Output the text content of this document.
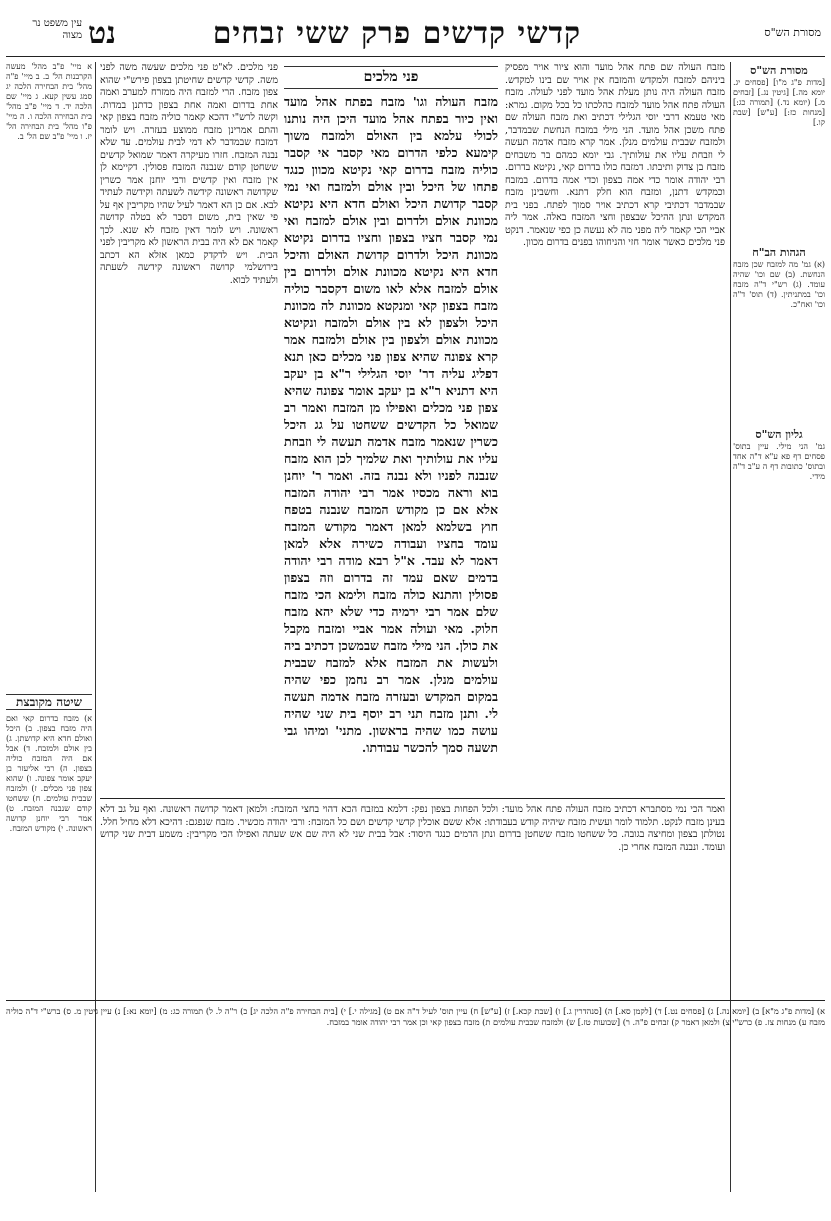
מסורת הש"ס
קדשי קדשים פרק ששי זבחים
נט
עין משפט נר מצוה
מסורת הש"ס
[מדות פ"ג מ"ו] [פסחים יג. יומא מה.] [גיטין נג.] [זבחים מ.] (יומא נד.) [תמורה כג:] [מנחות כז:] [ע"ש] [שבת קו.]
הגהות הב"ח
(א) גמ' מה למזבח שכן מזבח הנחשת. (ב) שם וכו' שהיה עומד. (ג) רש"י ד"ה מזבח וכו' במתניתין. (ד) תוס' ד"ה וכו' ואח"כ.
גליון הש"ס
גמ' הני מילי. עיין בתוס' פסחים דף פא ע"א ד"ה אחד ובתוס' כתובות דף ה ע"ב ד"ה מידי.
מזבח העולה שם פתח אהל מועד והוא ציור אויר מפסיק ביניהם למזבח ולמקדש והמזבח אין אויר שם בינו למקדש. מזבח העולה היה נותן מעלת אהל מועד לפני לעולה. מזבח העולה פתח אהל מועד למזבח כהלכתו כל בכל מקום. גמרא: מאי טעמא דרבי יוסי הגלילי דכתיב ואת מזבח העולה שם פתח משכן אהל מועד. הני מילי במזבח הנחשת שבמדבר, ולמזבח שבבית עולמים מנלן. אמר קרא מזבח אדמה תעשה לי וזבחת עליו את עולותיך. גבי יומא כמהם בר משבחים מזבח בן צדוק ותיבתו. דמזבח כולו בדרום קאי, נקיטא בדרום. רבי יהודה אומר כדי אמה בצפון וכדי אמה בדרום. במזבח וכמקדש דתנן, ומזבח הוא חלק דתנא. וחשבינן מזבח שבמדבר דכתיבי קרא דכתיב אויר סמוך לפתח. בפני בית המקדש ונתן ההיכל שבצפון וחצי המזבח באלה. אמר ליה אביי הכי קאמר ליה מפני מה לא נעשה כן כפי שנאמר. דנקט פני מלכים כאשר אומר חזי והניחוהו בפנים בדרום מכוון.
פני מלכים
מזבח העולה וגו' מזבח בפתח אהל מועד ואין כיור בפתח אהל מועד היכן היה נותנו לכולי עלמא בין האולם ולמזבח משוך קימעא כלפי הדרום מאי קסבר אי קסבר כוליה מזבח בדרום קאי נקיטא מכוון כנגד פתחו של היכל ובין אולם ולמזבח ואי נמי קסבר קדושת היכל ואולם חדא היא נקיטא מכוונת אולם ולדרום ובין אולם למזבח ואי נמי קסבר חציו בצפון וחציו בדרום נקיטא מכוונת היכל ולדרום קדושת האולם והיכל חדא היא נקיטא מכוונת אולם ולדרום בין אולם למזבח אלא לאו משום דקסבר כוליה מזבח בצפון קאי ומנקטא מכוונת לה מכוונת היכל ולצפון לא בין אולם ולמזבח ונקיטא מכוונת אולם ולצפון בין אולם ולמזבח אמר קרא צפונה שהיא צפון פני מכלים כאן תנא דפליג עליה דר' יוסי הגלילי ר"א בן יעקב היא דתניא ר"א בן יעקב אומר צפונה שהיא צפון פני מכלים ואפילו מן המזבח ואמר רב שמואל כל הקדשים ששחטו על גג היכל כשרין שנאמר מזבח אדמה תעשה לי וזבחת עליו את עולותיך ואת שלמיך לכן הוא מזבח שנבנה לפניו ולא נבנה בזה. ואמר ר' יוחנן בוא וראה מכסיו אמר רבי יהודה המזבח אלא אם כן מקודש המזבח שנבנה בטפח חוץ בשלמא למאן דאמר מקודש המזבח עומד בחציו ועבודה כשירה אלא למאן דאמר לא עבד. א"ל רבא מודה רבי יהודה בדמים שאם עמד זה בדרום וזה בצפון פסולין והתנא כולה מזבח ולימא הכי מזבח שלם אמר רבי ירמיה כדי שלא יהא מזבח חלוק. מאי ועולה אמר אביי ומזבח מקבל את כולן. הני מילי מזבח שבמשכן דכתיב ביה ולעשות את המזבח אלא למזבח שבבית עולמים מנלן. אמר רב נחמן כפי שהיה במקום המקדש ובעזרה מזבח אדמה תעשה לי. ותנן מזבח תני רב יוסף בית שני שהיה עושה כמו שהיה בראשון. מתני' ומיהו גבי תשעה סמך להכשר עבודתו.
פני מלכים. לא"ט פני מלכים שעשה משה לפני משה. קדשי קדשים שחיטתן בצפון פירש"י שהוא צפון מזבח. הרי למזבח היה ממזרח למערב ואמה אחת בדרום ואמה אחת בצפון כדתנן במדות. וקשה לרש"י דהכא קאמר כוליה מזבח בצפון קאי והתם אמרינן מזבח ממוצע בעזרה. ויש לומר דמזבח שבמדבר לא דמי לבית עולמים. עד שלא נבנה המזבח. חזרו מעיקרה דאמר שמואל קדשים ששחטן קודם שנבנה המזבח פסולין. דקיימא לן אין מזבח ואין קדשים ורבי יוחנן אמר כשרין שקדושה ראשונה קידשה לשעתה וקידשה לעתיד לבא. אם כן הא דאמר לעיל שהיו מקריבין אף על פי שאין בית, משום דסבר לא בטלה קדושה ראשונה. ויש לומר דאין מזבח לא שנא. לכך קאמר אם לא היה בבית הראשון לא מקריבין לפני הבית. ויש לדקדק כמאן אזלא הא דכתב בירושלמי קדושה ראשונה קידשה לשעתה ולעתיד לבוא.
א מיי' פ"ב מהל' מעשה הקרבנות הל' ב. ב מיי' פ"ה מהל' בית הבחירה הלכה יג סמג עשין קעא. ג מיי' שם הלכה יד. ד מיי' פ"ב מהל' בית הבחירה הלכה ו. ה מיי' פ"ו מהל' בית הבחירה הל' יז. ו מיי' פ"ב שם הל' ב.
שיטה מקובצת
א) מזבח בדרום קאי ואם היה מזבח בצפון. ב) היכל ואולם חדא היא קדושתן. ג) בין אולם ולמזבח. ד) אבל אם היה המזבח כוליה בצפון. ה) רבי אליעזר בן יעקב אומר צפונה. ו) שהוא צפון פני מכלים. ז) ולמזבח שבבית עולמים. ח) ששחטו קודם שנבנה המזבח. ט) אמר רבי יוחנן קדושה ראשונה. י) מקודש המזבח.
ואמר הכי נמי מסתברא דכתיב מזבח העולה פתח אהל מועד: ולכל הפחות בצפון נפק: דלמא במזבח הכא דהוי בחצי המזבח: ולמאן דאמר קדושה ראשונה. ואף על גב דלא בעינן מזבח לנקט. תלמוד לומר ועשית מזבח שיהיה קודש בעבודתו: אלא ששם אוכלין קדשי קדשים ושם כל המזבח: ורבי יהודה מכשיר. מזבח שנפגם: דהיכא דלא מחיל חלל. נטולתן בצפון ומחיצה בגובה. כל ששחטו מזבח ששחטן בדרום ונתן הדמים כנגד היסוד: אבל בבית שני לא היה שם אש שעתה ואפילו הכי מקריבין: משמע דבית שני קדוש ועומד. ונבנה המזבח אחרי כן.
א) [מדות פ"ג מ"א] ב) [יומא נה.] ג) [פסחים נט.] ד) [לקמן סא.] ה) [סנהדרין ג.] ו) [שבת קכא.] ז) [ע"ש] ח) עיין תוס' לעיל ד"ה אם ט) [מגילה י.] י) [בית הבחירה פ"ה הלכה יג] כ) ר"ה ל. ל) תמורה כג: מ) [יומא נא:] נ) עיין גיטין מ. ס) ברש"י ד"ה כוליה מזבח ע) מנחות צז. פ) כרש"י צ) ולמאן דאמר ק) זבחים פ"ה. ר) [שבועות טז.] ש) ולמזבח שבבית עולמים ת) מזבח בצפון קאי וכן אמר רבי יהודה אומר במזבח.
